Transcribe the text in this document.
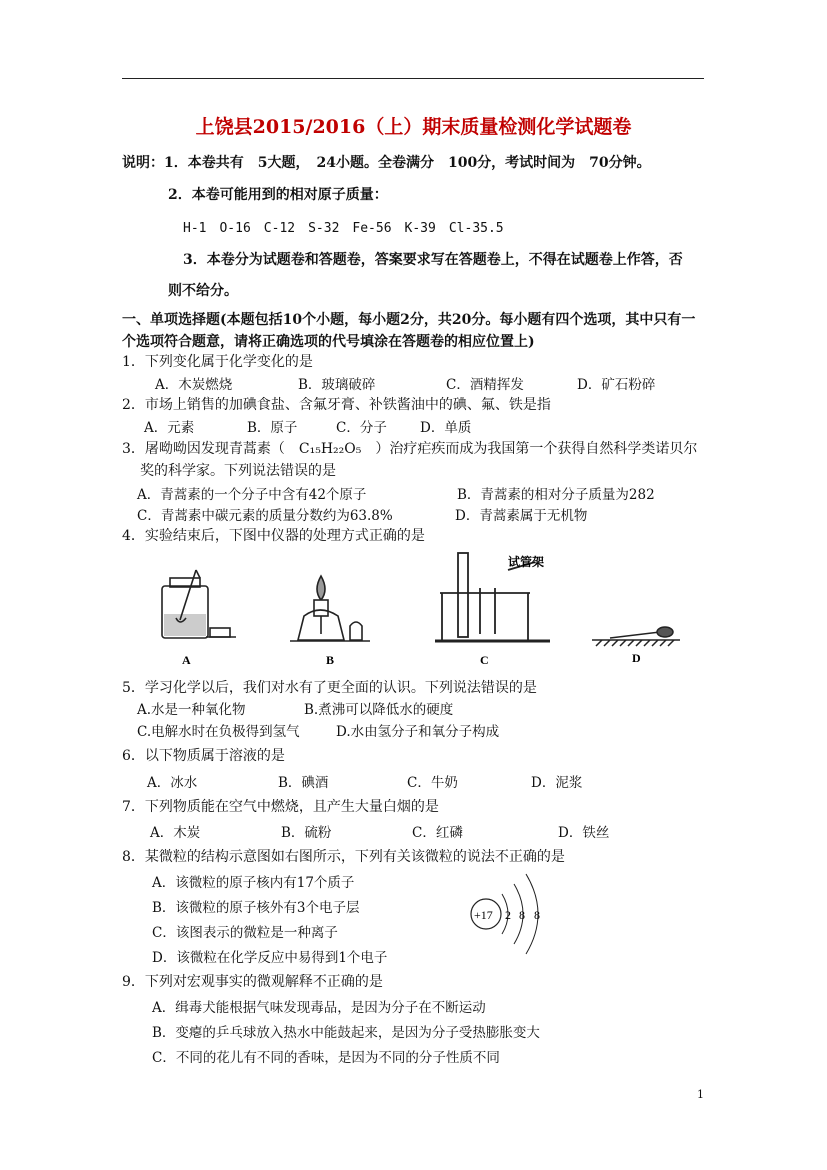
上饶县2015/2016（上）期末质量检测化学试题卷
说明：1．本卷共有　5大题，　24小题。全卷满分　100分，考试时间为　70分钟。
2．本卷可能用到的相对原子质量：
H-1　O-16　C-12　S-32　Fe-56　K-39　Cl-35.5
3．本卷分为试题卷和答题卷，答案要求写在答题卷上，不得在试题卷上作答，否
则不给分。
一、单项选择题(本题包括10个小题，每小题2分，共20分。每小题有四个选项，其中只有一
个选项符合题意，请将正确选项的代号填涂在答题卷的相应位置上)
1．下列变化属于化学变化的是
A．木炭燃烧	B．玻璃破碎	C．酒精挥发	D．矿石粉碎
2．市场上销售的加碘食盐、含氟牙膏、补铁酱油中的碘、氟、铁是指
A．元素	B．原子	C．分子 D．单质
3．屠呦呦因发现青蒿素（　C₁₅H₂₂O₅　）治疗疟疾而成为我国第一个获得自然科学类诺贝尔
奖的科学家。下列说法错误的是
A．青蒿素的一个分子中含有42个原子	B．青蒿素的相对分子质量为282
C．青蒿素中碳元素的质量分数约为63.8%	D．青蒿素属于无机物
4．实验结束后，下图中仪器的处理方式正确的是
A	B
试管架
C	D
5．学习化学以后，我们对水有了更全面的认识。下列说法错误的是
A.水是一种氧化物	B.煮沸可以降低水的硬度
C.电解水时在负极得到氢气	D.水由氢分子和氧分子构成
6．以下物质属于溶液的是
A．冰水	B．碘酒	C．牛奶	D．泥浆
7．下列物质能在空气中燃烧，且产生大量白烟的是
A．木炭	B．硫粉	C．红磷	D．铁丝
8．某微粒的结构示意图如右图所示，下列有关该微粒的说法不正确的是
A．该微粒的原子核内有17个质子
B．该微粒的原子核外有3个电子层
C．该图表示的微粒是一种离子
D．该微粒在化学反应中易得到1个电子
+17 2 8 8
9．下列对宏观事实的微观解释不正确的是
A．缉毒犬能根据气味发现毒品，是因为分子在不断运动
B．变瘪的乒乓球放入热水中能鼓起来，是因为分子受热膨胀变大
C．不同的花儿有不同的香味，是因为不同的分子性质不同
1
